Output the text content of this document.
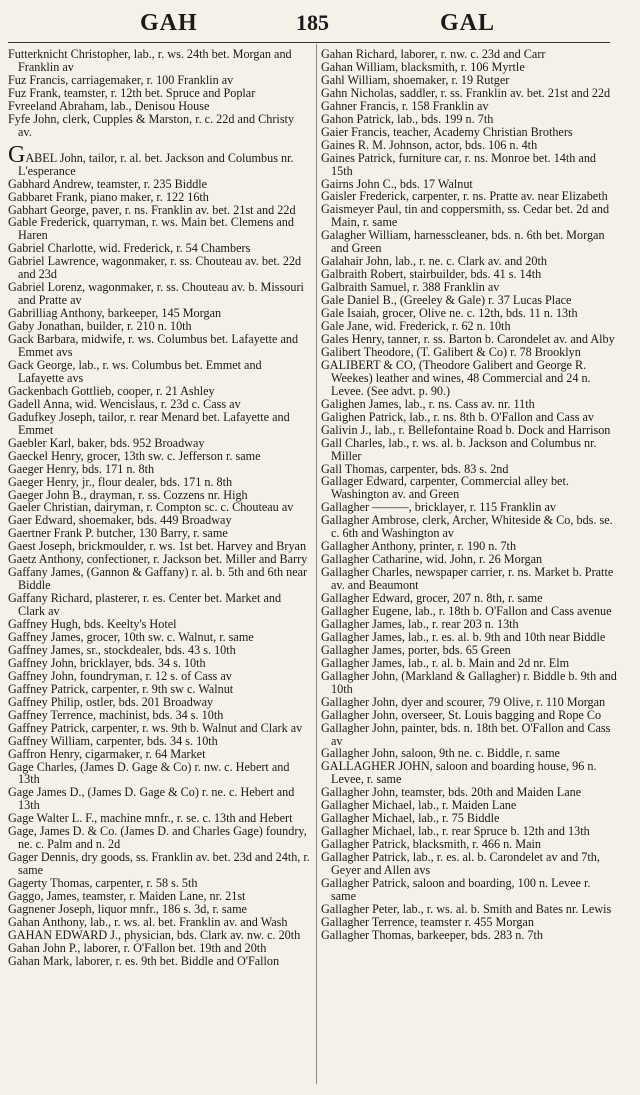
GAH	185	GAL
Futterknicht Christopher, lab., r. ws. 24th bet. Morgan and Franklin av
Fuz Francis, carriagemaker, r. 100 Franklin av
Fuz Frank, teamster, r. 12th bet. Spruce and Poplar
Fvreeland Abraham, lab., Denisou House
Fyfe John, clerk, Cupples & Marston, r. c. 22d and Christy av.
GABEL John, tailor, r. al. bet. Jackson and Columbus nr. L'esperance
Gabhard Andrew, teamster, r. 235 Biddle
Gabbaret Frank, piano maker, r. 122 16th
Gabhart George, paver, r. ns. Franklin av. bet. 21st and 22d
Gable Frederick, quarryman, r. ws. Main bet. Clemens and Haren
Gabriel Charlotte, wid. Frederick, r. 54 Chambers
Gabriel Lawrence, wagonmaker, r. ss. Chouteau av. bet. 22d and 23d
Gabriel Lorenz, wagonmaker, r. ss. Chouteau av. b. Missouri and Pratte av
Gabrilliag Anthony, barkeeper, 145 Morgan
Gaby Jonathan, builder, r. 210 n. 10th
Gack Barbara, midwife, r. ws. Columbus bet. Lafayette and Emmet avs
Gack George, lab., r. ws. Columbus bet. Emmet and Lafayette avs
Gackenbach Gottlieb, cooper, r. 21 Ashley
Gadell Anna, wid. Wencislaus, r. 23d c. Cass av
Gadufkey Joseph, tailor, r. rear Menard bet. Lafayette and Emmet
Gaebler Karl, baker, bds. 952 Broadway
Gaeckel Henry, grocer, 13th sw. c. Jefferson r. same
Gaeger Henry, bds. 171 n. 8th
Gaeger Henry, jr., flour dealer, bds. 171 n. 8th
Gaeger John B., drayman, r. ss. Cozzens nr. High
Gaeler Christian, dairyman, r. Compton sc. c. Chouteau av
Gaer Edward, shoemaker, bds. 449 Broadway
Gaertner Frank P. butcher, 130 Barry, r. same
Gaest Joseph, brickmoulder, r. ws. 1st bet. Harvey and Bryan
Gaetz Anthony, confectioner, r. Jackson bet. Miller and Barry
Gaffany James, (Gannon & Gaffany) r. al. b. 5th and 6th near Biddle
Gaffany Richard, plasterer, r. es. Center bet. Market and Clark av
Gaffney Hugh, bds. Keelty's Hotel
Gaffney James, grocer, 10th sw. c. Walnut, r. same
Gaffney James, sr., stockdealer, bds. 43 s. 10th
Gaffney John, bricklayer, bds. 34 s. 10th
Gaffney John, foundryman, r. 12 s. of Cass av
Gaffney Patrick, carpenter, r. 9th sw c. Walnut
Gaffney Philip, ostler, bds. 201 Broadway
Gaffney Terrence, machinist, bds. 34 s. 10th
Gaffney Patrick, carpenter, r. ws. 9th b. Walnut and Clark av
Gaffney William, carpenter, bds. 34 s. 10th
Gaffron Henry, cigarmaker, r. 64 Market
Gage Charles, (James D. Gage & Co) r. nw. c. Hebert and 13th
Gage James D., (James D. Gage & Co) r. ne. c. Hebert and 13th
Gage Walter L. F., machine mnfr., r. se. c. 13th and Hebert
Gage, James D. & Co. (James D. and Charles Gage) foundry, ne. c. Palm and n. 2d
Gager Dennis, dry goods, ss. Franklin av. bet. 23d and 24th, r. same
Gagerty Thomas, carpenter, r. 58 s. 5th
Gaggo, James, teamster, r. Maiden Lane, nr. 21st
Gagnener Joseph, liquor mnfr., 186 s. 3d, r. same
Gahan Anthony, lab., r. ws. al. bet. Franklin av. and Wash
GAHAN EDWARD J., physician, bds. Clark av. nw. c. 20th
Gahan John P., laborer, r. O'Fallon bet. 19th and 20th
Gahan Mark, laborer, r. es. 9th bet. Biddle and O'Fallon
Gahan Richard, laborer, r. nw. c. 23d and Carr
Gahan William, blacksmith, r. 106 Myrtle
Gahl William, shoemaker, r. 19 Rutger
Gahn Nicholas, saddler, r. ss. Franklin av. bet. 21st and 22d
Gahner Francis, r. 158 Franklin av
Gahon Patrick, lab., bds. 199 n. 7th
Gaier Francis, teacher, Academy Christian Brothers
Gaines R. M. Johnson, actor, bds. 106 n. 4th
Gaines Patrick, furniture car, r. ns. Monroe bet. 14th and 15th
Gairns John C., bds. 17 Walnut
Gaisler Frederick, carpenter, r. ns. Pratte av. near Elizabeth
Gaismeyer Paul, tin and coppersmith, ss. Cedar bet. 2d and Main, r. same
Galagher William, harnesscleaner, bds. n. 6th bet. Morgan and Green
Galahair John, lab., r. ne. c. Clark av. and 20th
Galbraith Robert, stairbuilder, bds. 41 s. 14th
Galbraith Samuel, r. 388 Franklin av
Gale Daniel B., (Greeley & Gale) r. 37 Lucas Place
Gale Isaiah, grocer, Olive ne. c. 12th, bds. 11 n. 13th
Gale Jane, wid. Frederick, r. 62 n. 10th
Gales Henry, tanner, r. ss. Barton b. Carondelet av. and Alby
Galibert Theodore, (T. Galibert & Co) r. 78 Brooklyn
GALIBERT & CO, (Theodore Galibert and George R. Weekes) leather and wines, 48 Commercial and 24 n. Levee. (See advt. p. 90.)
Galighen James, lab., r. ns. Cass av. nr. 11th
Galighen Patrick, lab., r. ns. 8th b. O'Fallon and Cass av
Galivin J., lab., r. Bellefontaine Road b. Dock and Harrison
Gall Charles, lab., r. ws. al. b. Jackson and Columbus nr. Miller
Gall Thomas, carpenter, bds. 83 s. 2nd
Gallager Edward, carpenter, Commercial alley bet. Washington av. and Green
Gallagher ———, bricklayer, r. 115 Franklin av
Gallagher Ambrose, clerk, Archer, Whiteside & Co, bds. se. c. 6th and Washington av
Gallagher Anthony, printer, r. 190 n. 7th
Gallagher Catharine, wid. John, r. 26 Morgan
Gallagher Charles, newspaper carrier, r. ns. Market b. Pratte av. and Beaumont
Gallagher Edward, grocer, 207 n. 8th, r. same
Gallagher Eugene, lab., r. 18th b. O'Fallon and Cass avenue
Gallagher James, lab., r. rear 203 n. 13th
Gallagher James, lab., r. es. al. b. 9th and 10th near Biddle
Gallagher James, porter, bds. 65 Green
Gallagher James, lab., r. al. b. Main and 2d nr. Elm
Gallagher John, (Markland & Gallagher) r. Biddle b. 9th and 10th
Gallagher John, dyer and scourer, 79 Olive, r. 110 Morgan
Gallagher John, overseer, St. Louis bagging and Rope Co
Gallagher John, painter, bds. n. 18th bet. O'Fallon and Cass av
Gallagher John, saloon, 9th ne. c. Biddle, r. same
GALLAGHER JOHN, saloon and boarding house, 96 n. Levee, r. same
Gallagher John, teamster, bds. 20th and Maiden Lane
Gallagher Michael, lab., r. Maiden Lane
Gallagher Michael, lab., r. 75 Biddle
Gallagher Michael, lab., r. rear Spruce b. 12th and 13th
Gallagher Patrick, blacksmith, r. 466 n. Main
Gallagher Patrick, lab., r. es. al. b. Carondelet av and 7th, Geyer and Allen avs
Gallagher Patrick, saloon and boarding, 100 n. Levee r. same
Gallagher Peter, lab., r. ws. al. b. Smith and Bates nr. Lewis
Gallagher Terrence, teamster r. 455 Morgan
Gallagher Thomas, barkeeper, bds. 283 n. 7th
